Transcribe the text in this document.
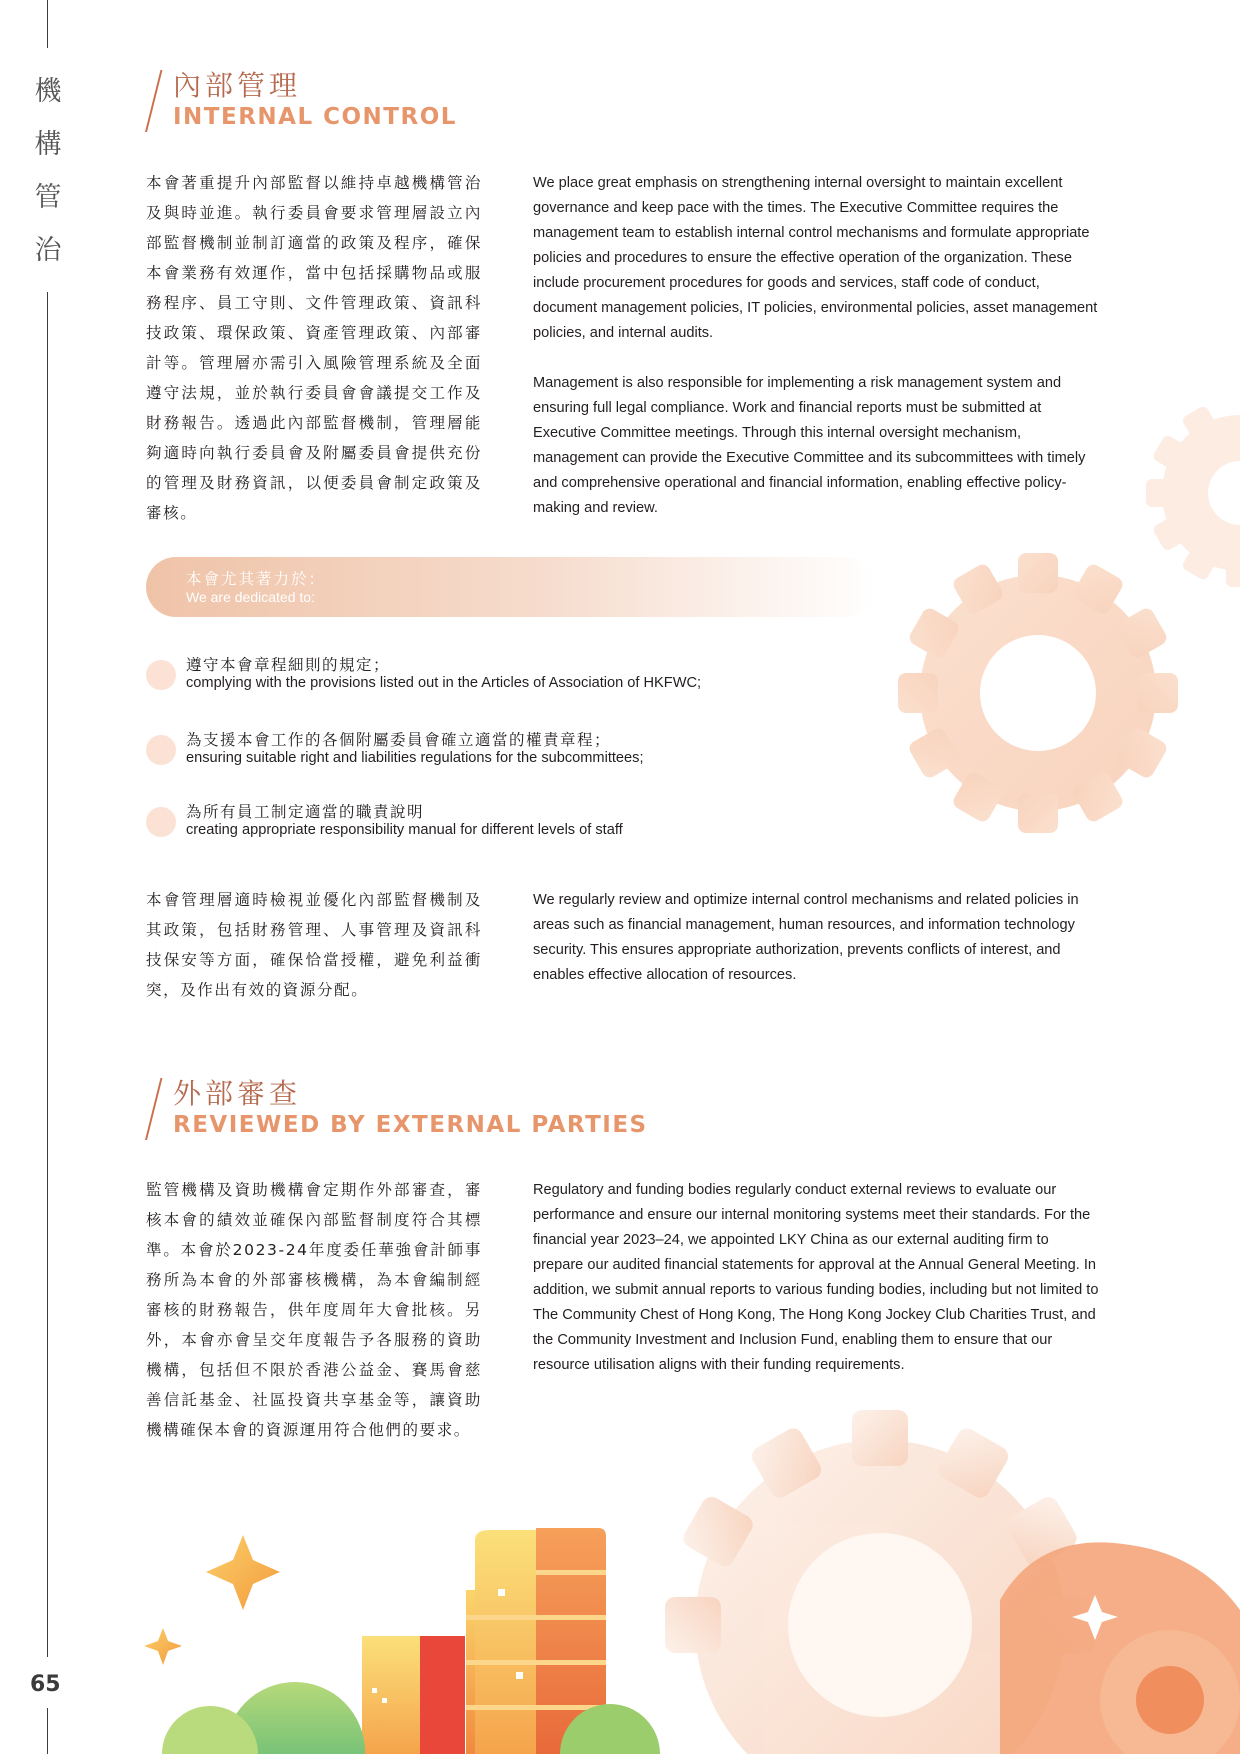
機
構
管
治
65
內部管理
INTERNAL CONTROL
本會著重提升內部監督以維持卓越機構管治及與時並進。執行委員會要求管理層設立內部監督機制並制訂適當的政策及程序，確保本會業務有效運作，當中包括採購物品或服務程序、員工守則、文件管理政策、資訊科技政策、環保政策、資產管理政策、內部審計等。管理層亦需引入風險管理系統及全面遵守法規，並於執行委員會會議提交工作及財務報告。透過此內部監督機制，管理層能夠適時向執行委員會及附屬委員會提供充份的管理及財務資訊，以便委員會制定政策及審核。

We place great emphasis on strengthening internal oversight to maintain excellent governance and keep pace with the times. The Executive Committee requires the management team to establish internal control mechanisms and formulate appropriate policies and procedures to ensure the effective operation of the organization. These include procurement procedures for goods and services, staff code of conduct, document management policies, IT policies, environmental policies, asset management policies, and internal audits.

Management is also responsible for implementing a risk management system and ensuring full legal compliance. Work and financial reports must be submitted at Executive Committee meetings. Through this internal oversight mechanism, management can provide the Executive Committee and its subcommittees with timely and comprehensive operational and financial information, enabling effective policy-making and review.

本會尤其著力於：
We are dedicated to:
遵守本會章程細則的規定；
complying with the provisions listed out in the Articles of Association of HKFWC;
為支援本會工作的各個附屬委員會確立適當的權責章程；
ensuring suitable right and liabilities regulations for the subcommittees;
為所有員工制定適當的職責說明
creating appropriate responsibility manual for different levels of staff
本會管理層適時檢視並優化內部監督機制及其政策，包括財務管理、人事管理及資訊科技保安等方面，確保恰當授權，避免利益衝突，及作出有效的資源分配。
We regularly review and optimize internal control mechanisms and related policies in areas such as financial management, human resources, and information technology security. This ensures appropriate authorization, prevents conflicts of interest, and enables effective allocation of resources.
外部審查
REVIEWED BY EXTERNAL PARTIES
監管機構及資助機構會定期作外部審查，審核本會的績效並確保內部監督制度符合其標準。本會於2023-24年度委任華強會計師事務所為本會的外部審核機構，為本會編制經審核的財務報告，供年度周年大會批核。另外，本會亦會呈交年度報告予各服務的資助機構，包括但不限於香港公益金、賽馬會慈善信託基金、社區投資共享基金等，讓資助機構確保本會的資源運用符合他們的要求。
Regulatory and funding bodies regularly conduct external reviews to evaluate our performance and ensure our internal monitoring systems meet their standards. For the financial year 2023–24, we appointed LKY China as our external auditing firm to prepare our audited financial statements for approval at the Annual General Meeting. In addition, we submit annual reports to various funding bodies, including but not limited to The Community Chest of Hong Kong, The Hong Kong Jockey Club Charities Trust, and the Community Investment and Inclusion Fund, enabling them to ensure that our resource utilisation aligns with their funding requirements.
